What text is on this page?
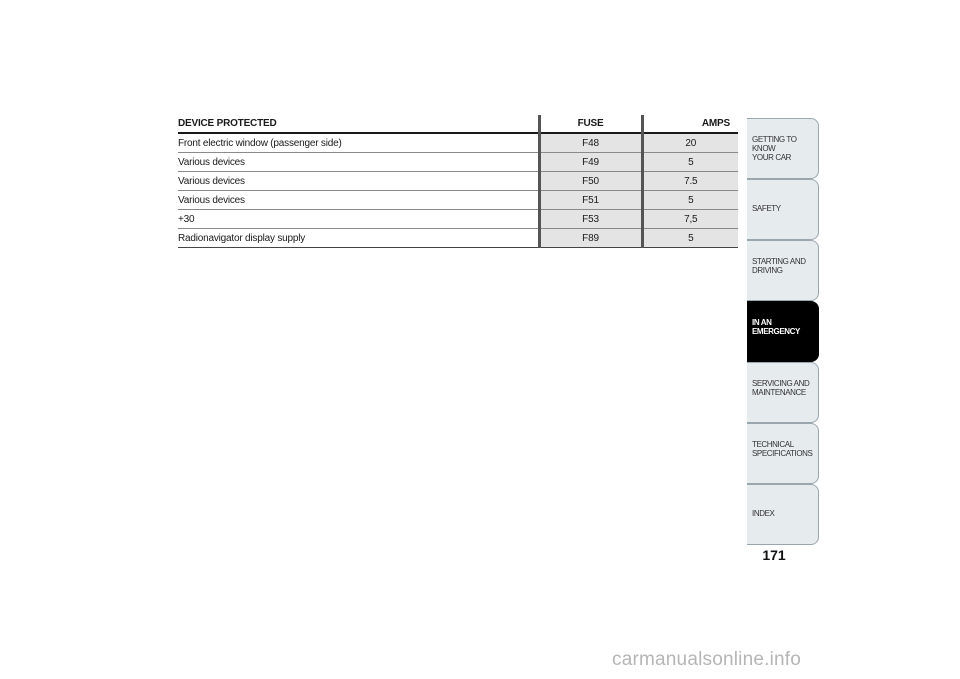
DEVICE PROTECTED	FUSE	AMPS
Front electric window (passenger side)	F48	20
Various devices	F49	5
Various devices	F50	7.5
Various devices	F51	5
+30	F53	7,5
Radionavigator display supply	F89	5
GETTING TO KNOW
YOUR CAR
SAFETY
STARTING AND
DRIVING
IN AN
EMERGENCY
SERVICING AND
MAINTENANCE
TECHNICAL
SPECIFICATIONS
INDEX
171
carmanualsonline.info
